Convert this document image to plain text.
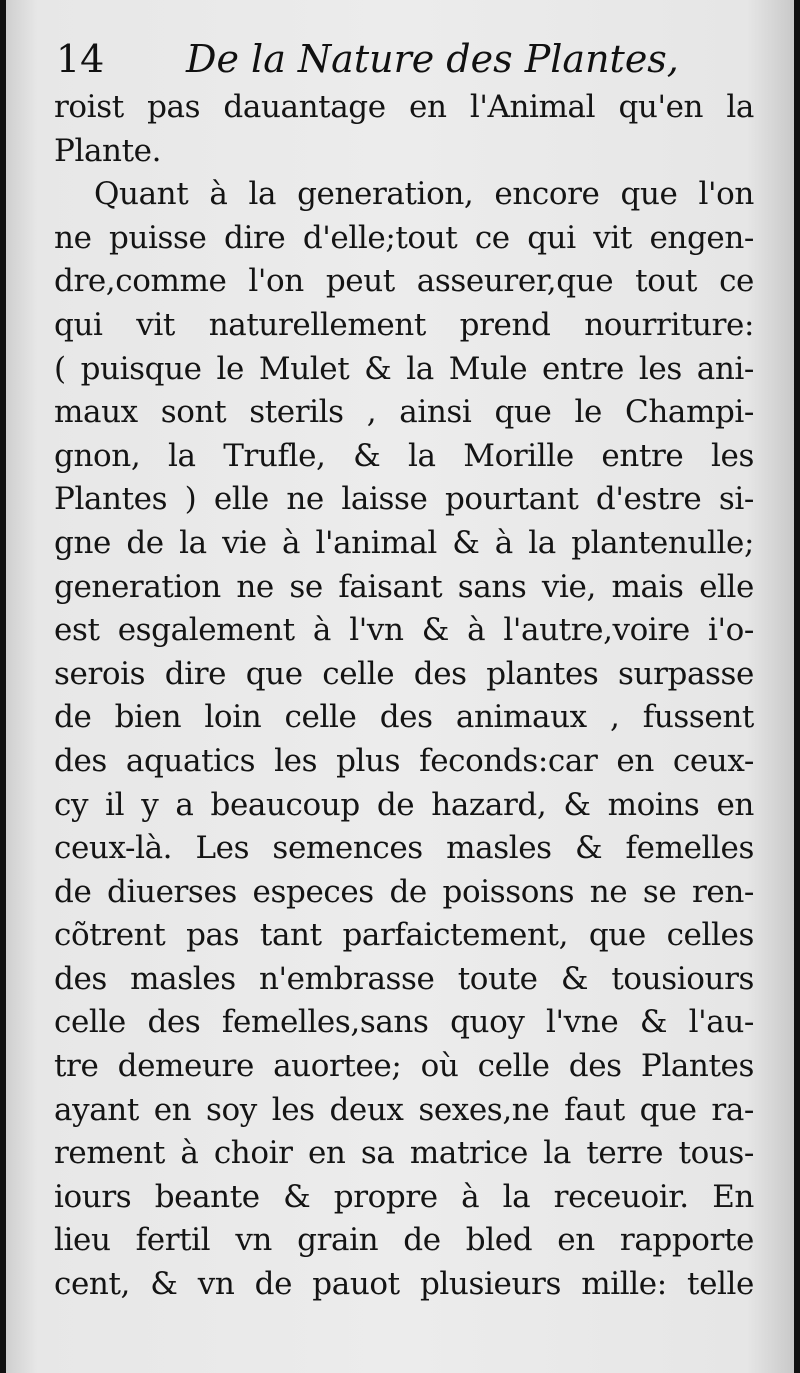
14 De la Nature des Plantes,
roist pas dauantage en l'Animal qu'en la
Plante.
Quant à la generation, encore que l'on
ne puisse dire d'elle;tout ce qui vit engen-
dre,comme l'on peut asseurer,que tout ce
qui vit naturellement prend nourriture:
( puisque le Mulet & la Mule entre les ani-
maux sont sterils , ainsi que le Champi-
gnon, la Trufle, & la Morille entre les
Plantes ) elle ne laisse pourtant d'estre si-
gne de la vie à l'animal & à la plantenulle;
generation ne se faisant sans vie, mais elle
est esgalement à l'vn & à l'autre,voire i'o-
serois dire que celle des plantes surpasse
de bien loin celle des animaux , fussent
des aquatics les plus feconds:car en ceux-
cy il y a beaucoup de hazard, & moins en
ceux-là. Les semences masles & femelles
de diuerses especes de poissons ne se ren-
cõtrent pas tant parfaictement, que celles
des masles n'embrasse toute & tousiours
celle des femelles,sans quoy l'vne & l'au-
tre demeure auortee; où celle des Plantes
ayant en soy les deux sexes,ne faut que ra-
rement à choir en sa matrice la terre tous-
iours beante & propre à la receuoir. En
lieu fertil vn grain de bled en rapporte
cent, & vn de pauot plusieurs mille: telle
